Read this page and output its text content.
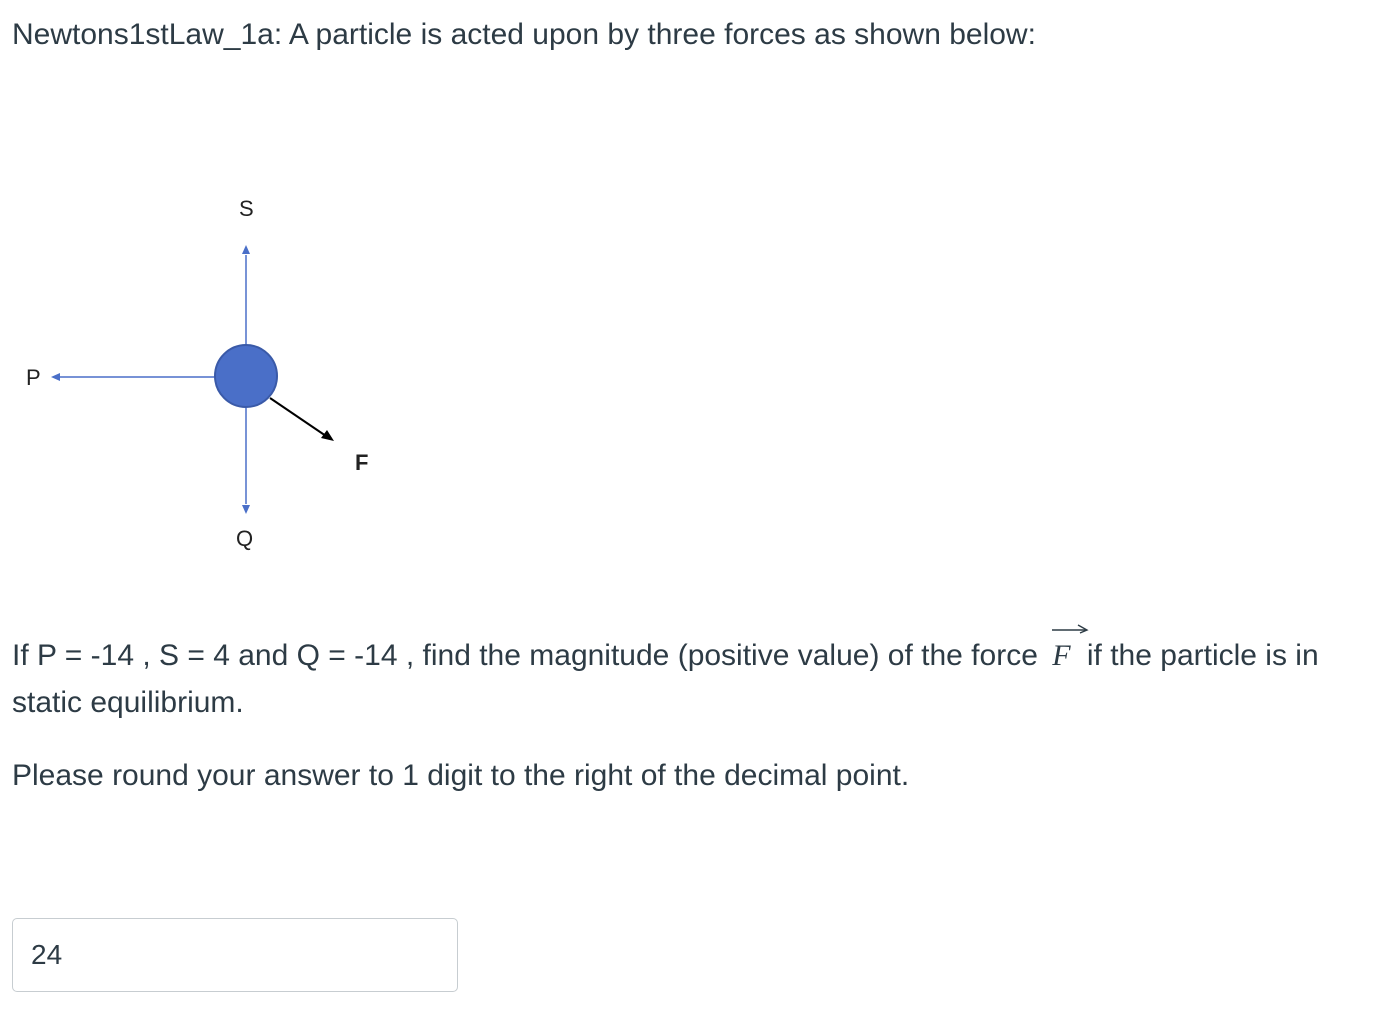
Newtons1stLaw_1a: A particle is acted upon by three forces as shown below:
S
P
Q
F

If P = -14 , S = 4 and Q = -14 , find the magnitude (positive value) of the force
F if the particle is in static equilibrium.

Please round your answer to 1 digit to the right of the decimal point.

24
